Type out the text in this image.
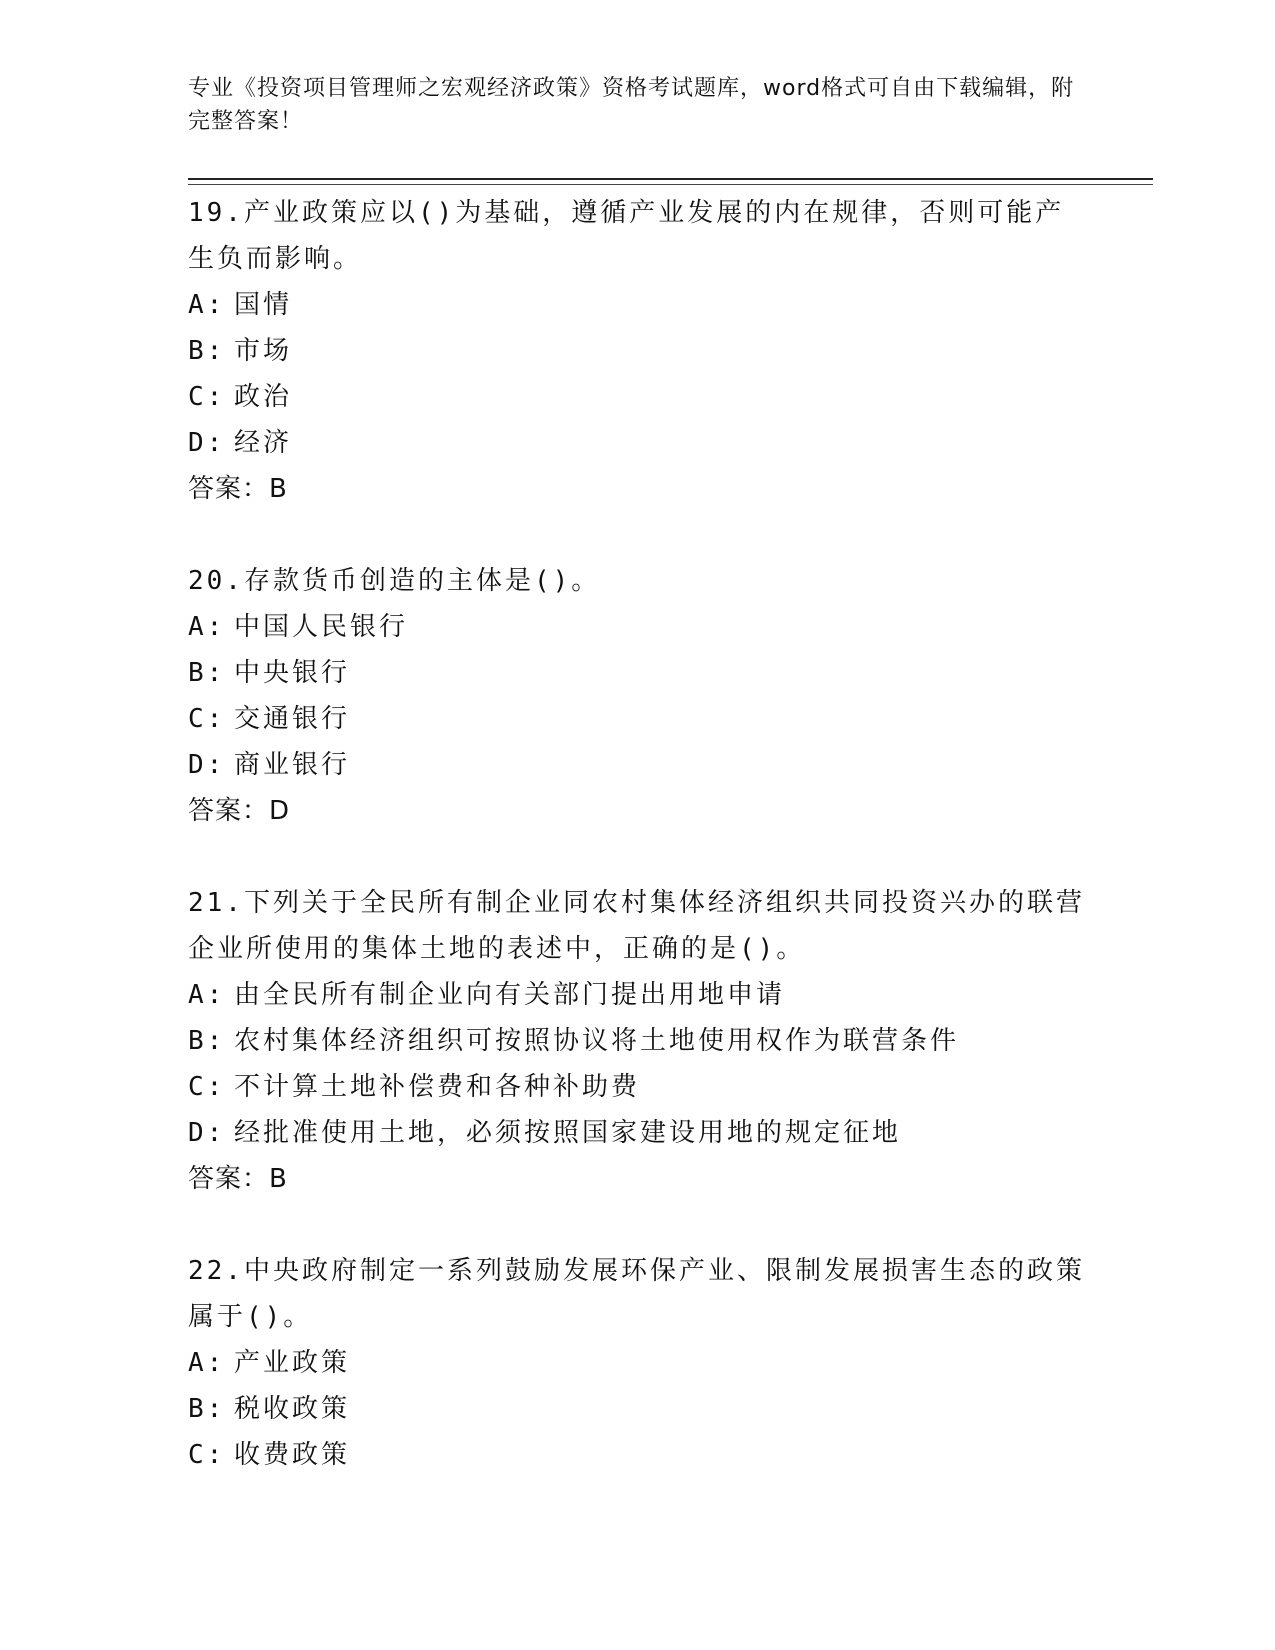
专业《投资项目管理师之宏观经济政策》资格考试题库，word格式可自由下载编辑，附完整答案！
19.产业政策应以()为基础，遵循产业发展的内在规律，否则可能产生负而影响。
A: 国情
B: 市场
C: 政治
D: 经济
答案：B
20.存款货币创造的主体是()。
A: 中国人民银行
B: 中央银行
C: 交通银行
D: 商业银行
答案：D
21.下列关于全民所有制企业同农村集体经济组织共同投资兴办的联营企业所使用的集体土地的表述中，正确的是()。
A: 由全民所有制企业向有关部门提出用地申请
B: 农村集体经济组织可按照协议将土地使用权作为联营条件
C: 不计算土地补偿费和各种补助费
D: 经批准使用土地，必须按照国家建设用地的规定征地
答案：B
22.中央政府制定一系列鼓励发展环保产业、限制发展损害生态的政策属于()。
A: 产业政策
B: 税收政策
C: 收费政策
